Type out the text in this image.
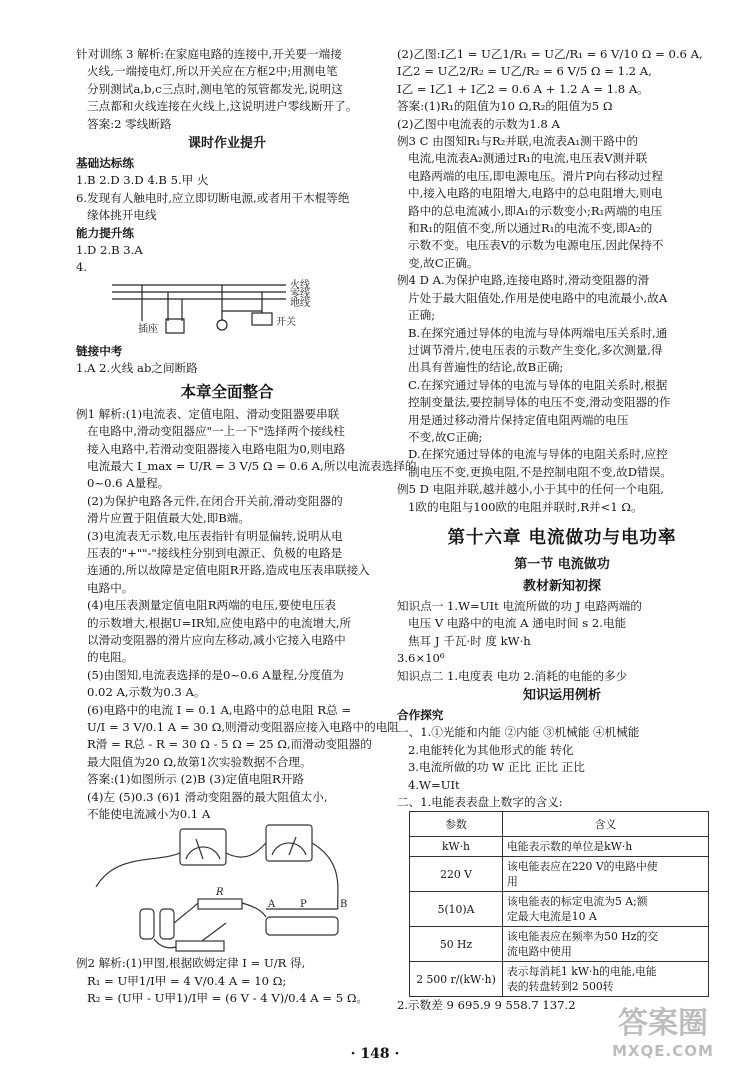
针对训练 3 解析:在家庭电路的连接中,开关要一端接
火线,一端接电灯,所以开关应在方框2中;用测电笔
分别测试a,b,c三点时,测电笔的氖管都发光,说明这
三点都和火线连接在火线上,这说明进户零线断开了。
答案:2 零线断路
课时作业提升
基础达标练
1.B 2.D 3.D 4.B 5.甲 火
6.发现有人触电时,应立即切断电源,或者用干木棍等绝
缘体挑开电线
能力提升练
1.D 2.B 3.A
4.
火线
零线
地线
插座
开关
链接中考
1.A 2.火线 ab之间断路
本章全面整合
例1 解析:(1)电流表、定值电阻、滑动变阻器要串联
在电路中,滑动变阻器应"一上一下"选择两个接线柱
接入电路中,若滑动变阻器接入电路电阻为0,则电路
电流最大 I_max = U/R = 3 V/5 Ω = 0.6 A,所以电流表选择的
0~0.6 A量程。
(2)为保护电路各元件,在闭合开关前,滑动变阻器的
滑片应置于阻值最大处,即B端。
(3)电流表无示数,电压表指针有明显偏转,说明从电
压表的"+""-"接线柱分别到电源正、负极的电路是
连通的,所以故障是定值电阻R开路,造成电压表串联接入
电路中。
(4)电压表测量定值电阻R两端的电压,要使电压表
的示数增大,根据U=IR知,应使电路中的电流增大,所
以滑动变阻器的滑片应向左移动,减小它接入电路中
的电阻。
(5)由图知,电流表选择的是0~0.6 A量程,分度值为
0.02 A,示数为0.3 A。
(6)电路中的电流 I = 0.1 A,电路中的总电阻 R总 =
U/I = 3 V/0.1 A = 30 Ω,则滑动变阻器应接入电路中的电阻
R滑 = R总 - R = 30 Ω - 5 Ω = 25 Ω,而滑动变阻器的
最大阻值为20 Ω,故第1次实验数据不合理。
答案:(1)如图所示 (2)B (3)定值电阻R开路
(4)左 (5)0.3 (6)1 滑动变阻器的最大阻值太小,
不能使电流减小为0.1 A
R
A P	B
例2 解析:(1)甲图,根据欧姆定律 I = U/R 得,
R₁ = U甲1/I甲 = 4 V/0.4 A = 10 Ω;
R₂ = (U甲 - U甲1)/I甲 = (6 V - 4 V)/0.4 A = 5 Ω。
(2)乙图:I乙1 = U乙1/R₁ = U乙/R₁ = 6 V/10 Ω = 0.6 A,
I乙2 = U乙2/R₂ = U乙/R₂ = 6 V/5 Ω = 1.2 A,
I乙 = I乙1 + I乙2 = 0.6 A + 1.2 A = 1.8 A。
答案:(1)R₁的阻值为10 Ω,R₂的阻值为5 Ω
(2)乙图中电流表的示数为1.8 A
例3 C 由图知R₁与R₂并联,电流表A₁测干路中的
电流,电流表A₂测通过R₁的电流,电压表V测并联
电路两端的电压,即电源电压。滑片P向右移动过程
中,接入电路的电阻增大,电路中的总电阻增大,则电
路中的总电流减小,即A₁的示数变小;R₁两端的电压
和R₁的阻值不变,所以通过R₁的电流不变,即A₂的
示数不变。电压表V的示数为电源电压,因此保持不
变,故C正确。
例4 D A.为保护电路,连接电路时,滑动变阻器的滑
片处于最大阻值处,作用是使电路中的电流最小,故A
正确;
B.在探究通过导体的电流与导体两端电压关系时,通
过调节滑片,使电压表的示数产生变化,多次测量,得
出具有普遍性的结论,故B正确;
C.在探究通过导体的电流与导体的电阻关系时,根据
控制变量法,要控制导体的电压不变,滑动变阻器的作
用是通过移动滑片保持定值电阻两端的电压
不变,故C正确;
D.在探究通过导体的电流与导体的电阻关系时,应控
制电压不变,更换电阻,不是控制电阻不变,故D错误。
例5 D 电阻并联,越并越小,小于其中的任何一个电阻,
1欧的电阻与100欧的电阻并联时,R并<1 Ω。
第十六章 电流做功与电功率
第一节 电流做功
教材新知初探
知识点一 1.W=UIt 电流所做的功 J 电路两端的
电压 V 电路中的电流 A 通电时间 s 2.电能
焦耳 J 千瓦·时 度 kW·h
3.6×10⁶
知识点二 1.电度表 电功 2.消耗的电能的多少
知识运用例析
合作探究
一、1.①光能和内能 ②内能 ③机械能 ④机械能
2.电能转化为其他形式的能 转化
3.电流所做的功 W 正比 正比 正比
4.W=UIt
二、1.电能表表盘上数字的含义:
参数	含义
kW·h	电能表示数的单位是kW·h

220 V	该电能表应在220 V的电路中使
用

5(10)A	该电能表的标定电流为5 A;额
定最大电流是10 A

50 Hz	该电能表应在频率为50 Hz的交
流电路中使用

2 500 r/(kW·h)	表示每消耗1 kW·h的电能,电能
表的转盘转到2 500转
2.示数差 9 695.9 9 558.7 137.2
· 148 ·
答案圈
MXQE.COM
